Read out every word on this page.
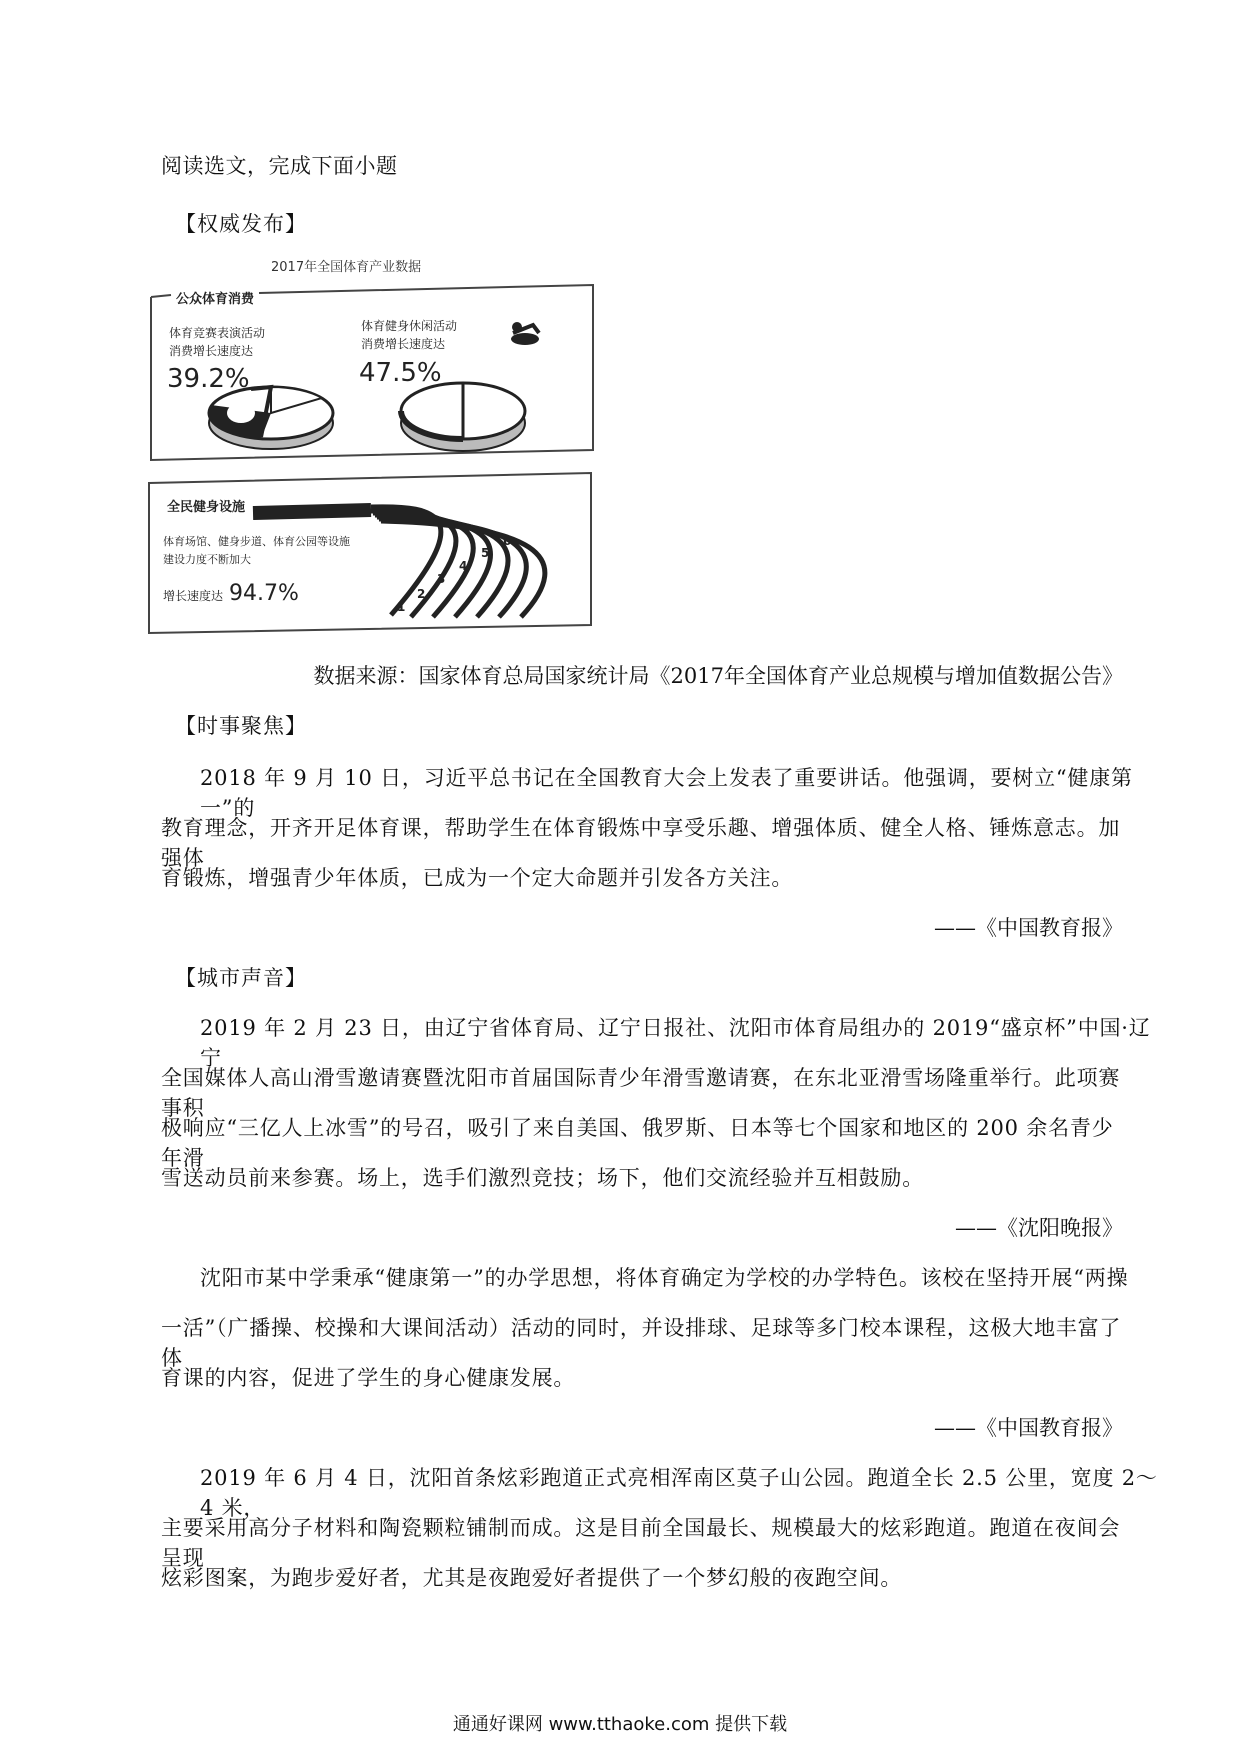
阅读选文，完成下面小题
【权威发布】
2017年全国体育产业数据
公众体育消费
体育竞赛表演活动
消费增长速度达
39.2%
体育健身休闲活动
消费增长速度达
47.5%
全民健身设施
体育场馆、健身步道、体育公园等设施
建设力度不断加大
增长速度达 94.7%
1
2
3
4
5
6
数据来源：国家体育总局国家统计局《2017年全国体育产业总规模与增加值数据公告》
【时事聚焦】
2018 年 9 月 10 日，习近平总书记在全国教育大会上发表了重要讲话。他强调，要树立“健康第一”的
教育理念，开齐开足体育课，帮助学生在体育锻炼中享受乐趣、增强体质、健全人格、锤炼意志。加强体
育锻炼，增强青少年体质，已成为一个定大命题并引发各方关注。
——《中国教育报》
【城市声音】
2019 年 2 月 23 日，由辽宁省体育局、辽宁日报社、沈阳市体育局组办的 2019“盛京杯”中国·辽宁
全国媒体人高山滑雪邀请赛暨沈阳市首届国际青少年滑雪邀请赛，在东北亚滑雪场隆重举行。此项赛事积
极响应“三亿人上冰雪”的号召，吸引了来自美国、俄罗斯、日本等七个国家和地区的 200 余名青少年滑
雪送动员前来参赛。场上，选手们激烈竞技；场下，他们交流经验并互相鼓励。
——《沈阳晚报》
沈阳市某中学秉承“健康第一”的办学思想，将体育确定为学校的办学特色。该校在坚持开展“两操
一活”（广播操、校操和大课间活动）活动的同时，并设排球、足球等多门校本课程，这极大地丰富了体
育课的内容，促进了学生的身心健康发展。
——《中国教育报》
2019 年 6 月 4 日，沈阳首条炫彩跑道正式亮相浑南区莫子山公园。跑道全长 2.5 公里，宽度 2～4 米，
主要采用高分子材料和陶瓷颗粒铺制而成。这是目前全国最长、规模最大的炫彩跑道。跑道在夜间会呈现
炫彩图案，为跑步爱好者，尤其是夜跑爱好者提供了一个梦幻般的夜跑空间。
通通好课网 www.tthaoke.com 提供下载
